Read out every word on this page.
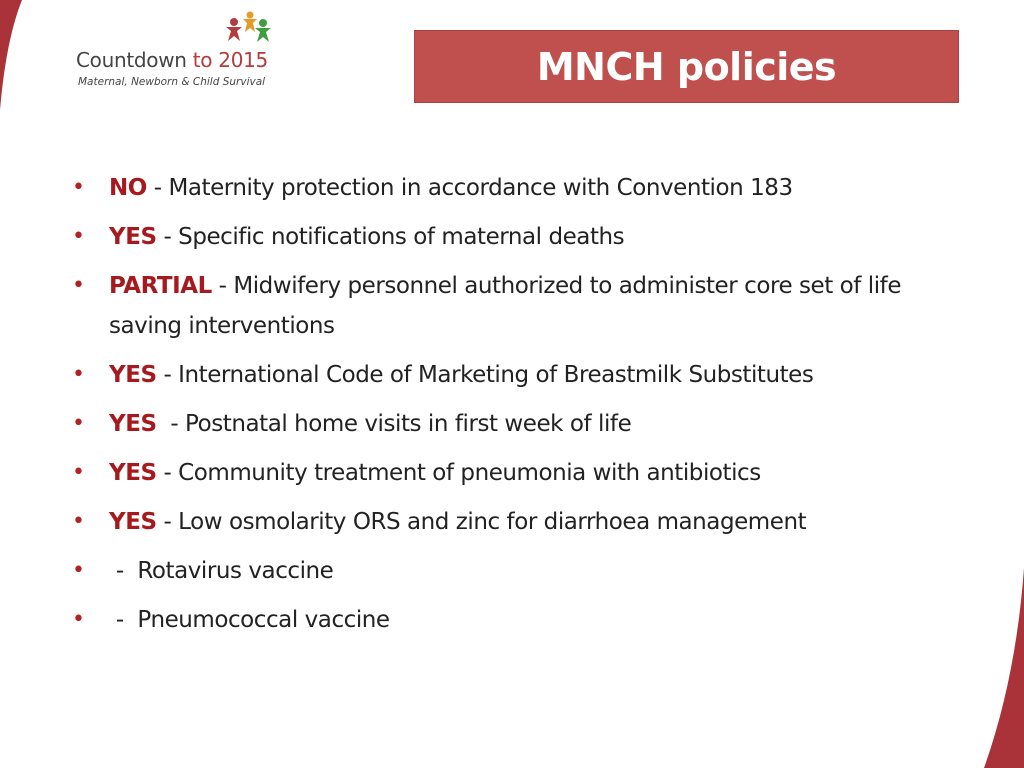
Countdown to 2015
Maternal, Newborn & Child Survival	MNCH policies
• NO - Maternity protection in accordance with Convention 183
• YES - Specific notifications of maternal deaths
• PARTIAL - Midwifery personnel authorized to administer core set of life saving interventions
• YES - International Code of Marketing of Breastmilk Substitutes
• YES  - Postnatal home visits in first week of life
• YES - Community treatment of pneumonia with antibiotics
• YES - Low osmolarity ORS and zinc for diarrhoea management
• -  Rotavirus vaccine
• -  Pneumococcal vaccine
